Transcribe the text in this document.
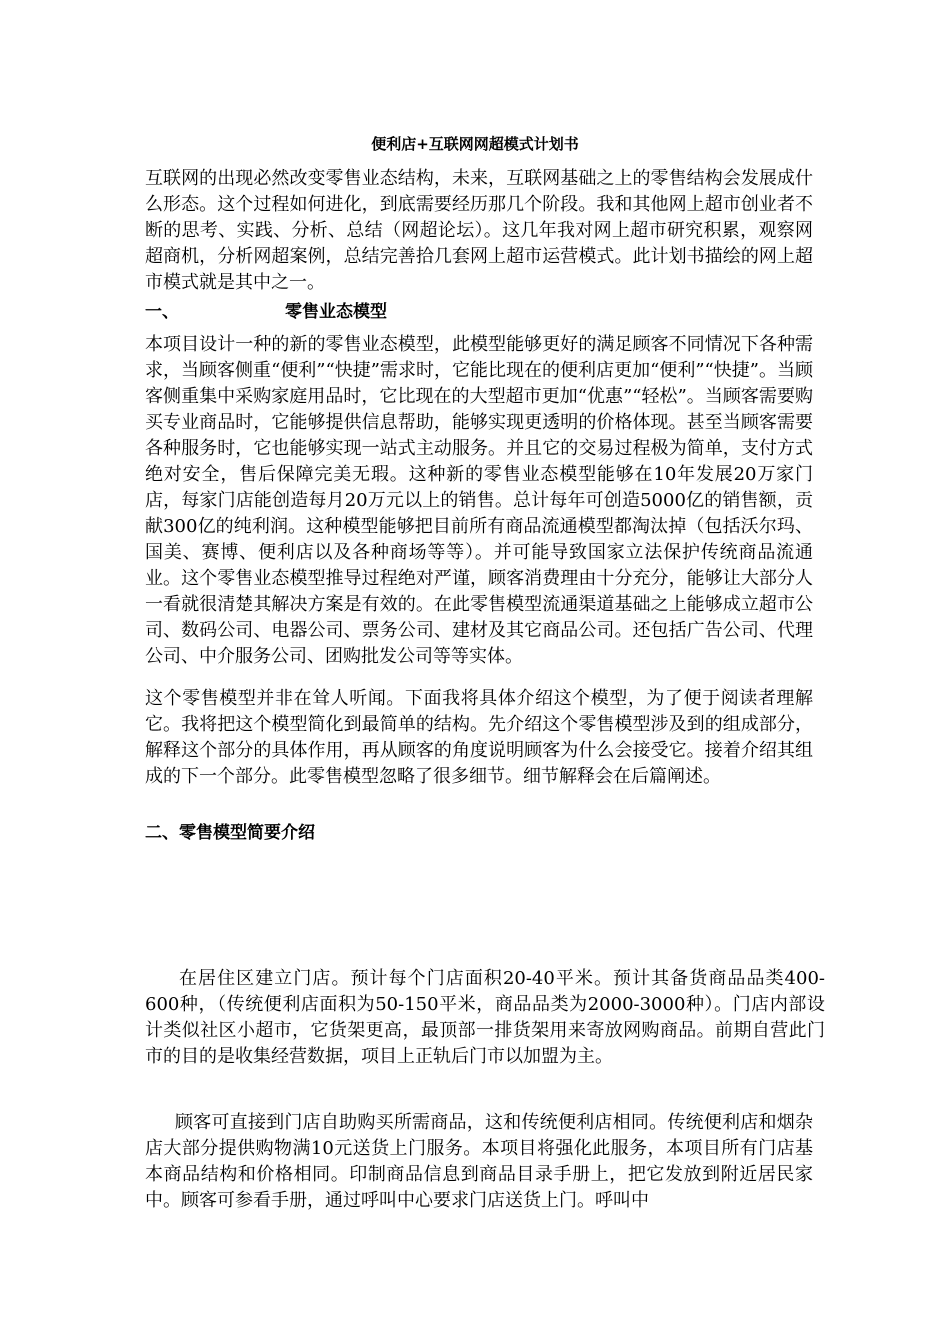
便利店+互联网网超模式计划书

互联网的出现必然改变零售业态结构，未来，互联网基础之上的零售结构会发展成什么形态。这个过程如何进化，到底需要经历那几个阶段。我和其他网上超市创业者不断的思考、实践、分析、总结（网超论坛）。这几年我对网上超市研究积累，观察网超商机，分析网超案例，总结完善拾几套网上超市运营模式。此计划书描绘的网上超市模式就是其中之一。

一、	零售业态模型

本项目设计一种的新的零售业态模型，此模型能够更好的满足顾客不同情况下各种需求，当顾客侧重“便利”“快捷”需求时，它能比现在的便利店更加“便利”“快捷”。当顾客侧重集中采购家庭用品时，它比现在的大型超市更加“优惠”“轻松”。当顾客需要购买专业商品时，它能够提供信息帮助，能够实现更透明的价格体现。甚至当顾客需要各种服务时，它也能够实现一站式主动服务。并且它的交易过程极为简单，支付方式绝对安全，售后保障完美无瑕。这种新的零售业态模型能够在10年发展20万家门店，每家门店能创造每月20万元以上的销售。总计每年可创造5000亿的销售额，贡献300亿的纯利润。这种模型能够把目前所有商品流通模型都淘汰掉（包括沃尔玛、国美、赛博、便利店以及各种商场等等）。并可能导致国家立法保护传统商品流通业。这个零售业态模型推导过程绝对严谨，顾客消费理由十分充分，能够让大部分人一看就很清楚其解决方案是有效的。在此零售模型流通渠道基础之上能够成立超市公司、数码公司、电器公司、票务公司、建材及其它商品公司。还包括广告公司、代理公司、中介服务公司、团购批发公司等等实体。

这个零售模型并非在耸人听闻。下面我将具体介绍这个模型，为了便于阅读者理解它。我将把这个模型简化到最简单的结构。先介绍这个零售模型涉及到的组成部分，解释这个部分的具体作用，再从顾客的角度说明顾客为什么会接受它。接着介绍其组成的下一个部分。此零售模型忽略了很多细节。细节解释会在后篇阐述。

二、零售模型简要介绍

在居住区建立门店。预计每个门店面积20-40平米。预计其备货商品品类400-600种，（传统便利店面积为50-150平米，商品品类为2000-3000种）。门店内部设计类似社区小超市，它货架更高，最顶部一排货架用来寄放网购商品。前期自营此门市的目的是收集经营数据，项目上正轨后门市以加盟为主。

顾客可直接到门店自助购买所需商品，这和传统便利店相同。传统便利店和烟杂店大部分提供购物满10元送货上门服务。本项目将强化此服务，本项目所有门店基本商品结构和价格相同。印制商品信息到商品目录手册上，把它发放到附近居民家中。顾客可参看手册，通过呼叫中心要求门店送货上门。呼叫中
